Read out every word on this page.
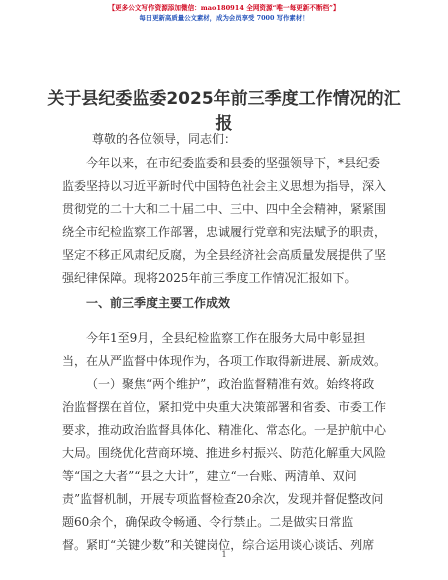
【更多公文写作资源添加微信：mao180914 全网资源“唯一每更新不断档”】
每日更新高质量公文素材，成为会员享受 7000 写作素材！
关于县纪委监委2025年前三季度工作情况的汇
报
尊敬的各位领导，同志们：
今年以来，在市纪委监委和县委的坚强领导下，*县纪委
监委坚持以习近平新时代中国特色社会主义思想为指导，深入
贯彻党的二十大和二十届二中、三中、四中全会精神，紧紧围
绕全市纪检监察工作部署，忠诚履行党章和宪法赋予的职责，
坚定不移正风肃纪反腐，为全县经济社会高质量发展提供了坚
强纪律保障。现将2025年前三季度工作情况汇报如下。
一、前三季度主要工作成效
今年1至9月，全县纪检监察工作在服务大局中彰显担
当，在从严监督中体现作为，各项工作取得新进展、新成效。
（一）聚焦“两个维护”，政治监督精准有效。始终将政
治监督摆在首位，紧扣党中央重大决策部署和省委、市委工作
要求，推动政治监督具体化、精准化、常态化。一是护航中心
大局。围绕优化营商环境、推进乡村振兴、防范化解重大风险
等“国之大者”“县之大计”，建立“一台账、两清单、双问
责”监督机制，开展专项监督检查20余次，发现并督促整改问
题60余个，确保政令畅通、令行禁止。二是做实日常监
督。紧盯“关键少数”和关键岗位，综合运用谈心谈话、列席
1
